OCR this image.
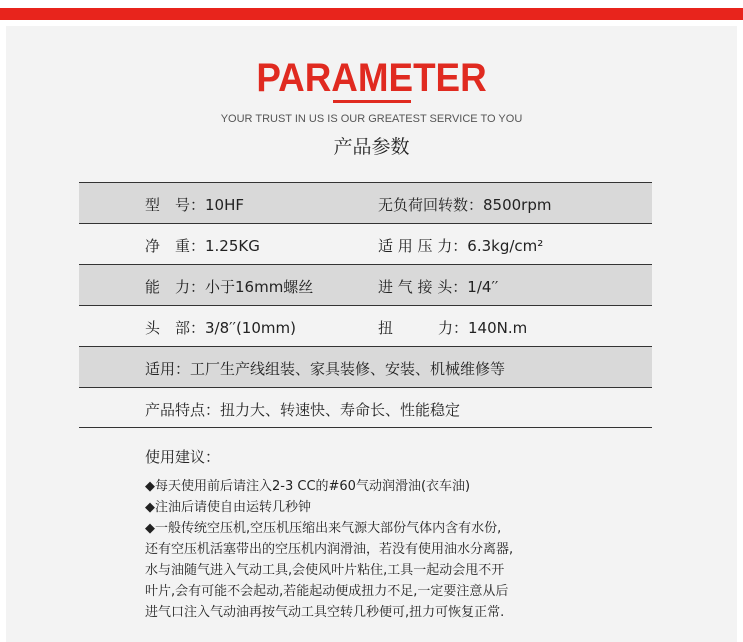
PARAMETER
YOUR TRUST IN US IS OUR GREATEST SERVICE TO YOU
产品参数
型　号：10HF	无负荷回转数：8500rpm
净　重：1.25KG	适 用 压 力：6.3kg/cm²
能　力：小于16mm螺丝	进 气 接 头：1/4′′
头　部：3/8′′(10mm)	扭　　　力：140N.m
适用：工厂生产线组装、家具装修、安装、机械维修等
产品特点：扭力大、转速快、寿命长、性能稳定
使用建议：
◆每天使用前后请注入2-3 CC的#60气动润滑油(衣车油)
◆注油后请使自由运转几秒钟
◆一般传统空压机,空压机压缩出来气源大部份气体内含有水份,
还有空压机活塞带出的空压机内润滑油，若没有使用油水分离器,
水与油随气进入气动工具,会使风叶片粘住,工具一起动会甩不开
叶片,会有可能不会起动,若能起动便成扭力不足,一定要注意从后
进气口注入气动油再按气动工具空转几秒便可,扭力可恢复正常.
